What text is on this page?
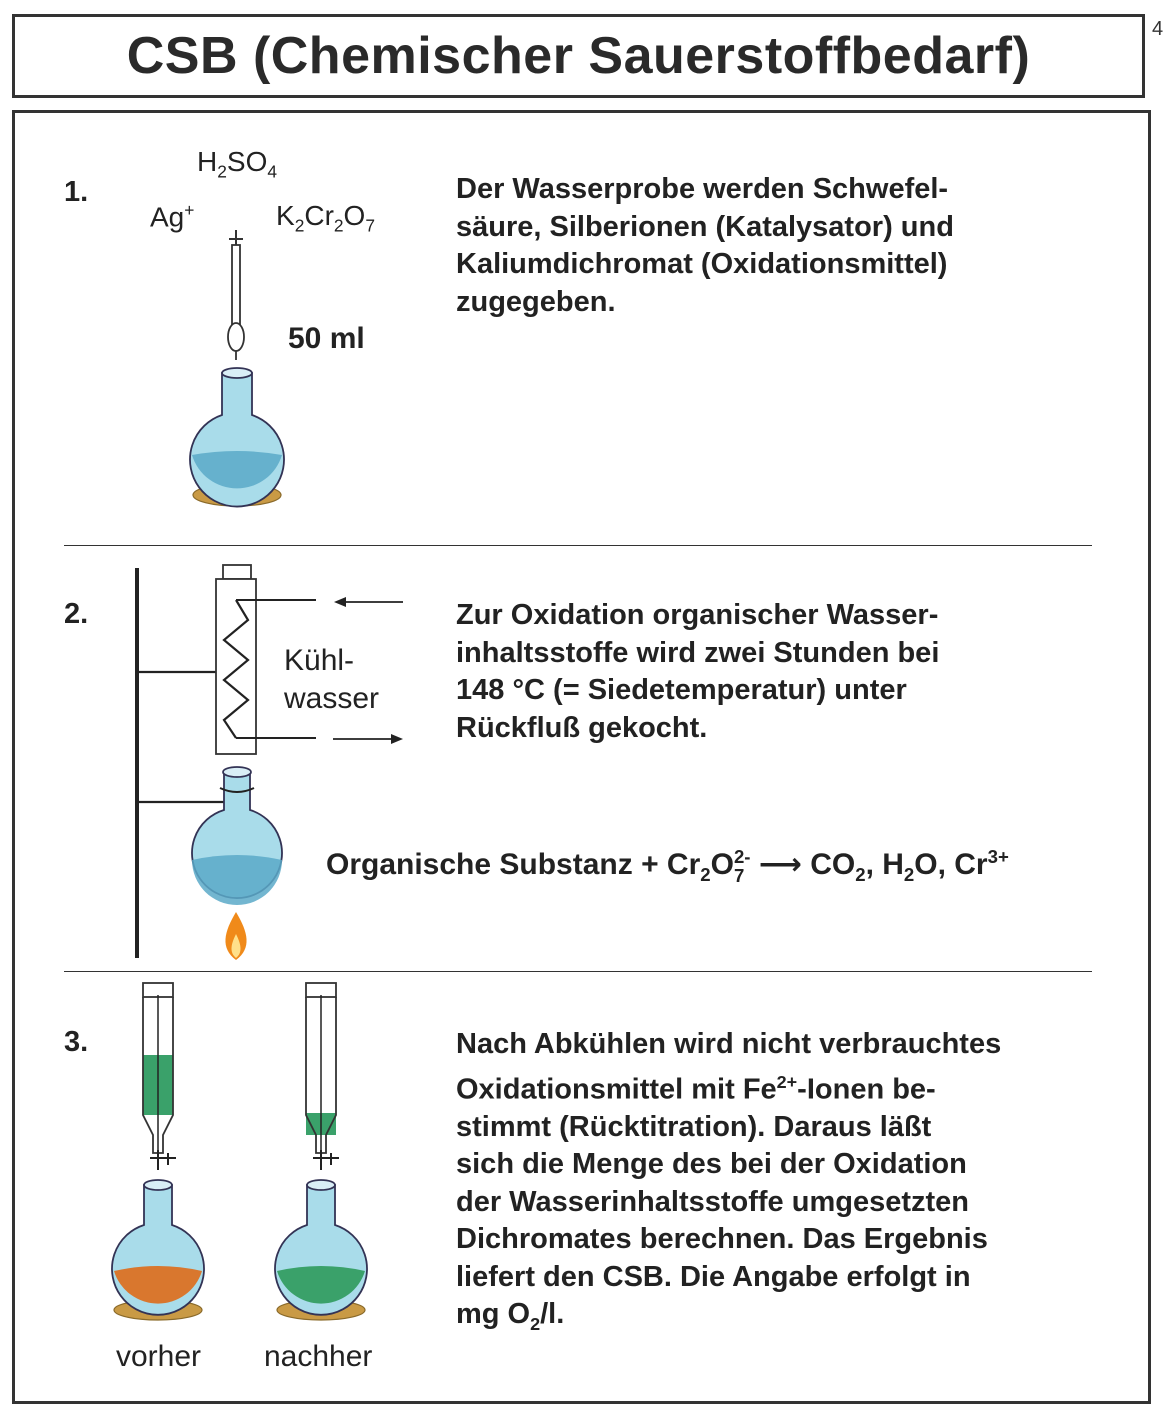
CSB (Chemischer Sauerstoffbedarf)	4
1.
$H_2SO_4$
Ag+	$K_2Cr_2O_7$
50 ml
Der Wasserprobe werden Schwefel-
säure, Silberionen (Katalysator) und
Kaliumdichromat (Oxidationsmittel)
zugegeben.
2.
Kühl-
wasser
Zur Oxidation organischer Wasser-
inhaltsstoffe wird zwei Stunden bei
148 °C (= Siedetemperatur) unter
Rückfluß gekocht.
Organische Substanz + $Cr_2O$ 2-
7 ⟶ $CO_2$, $H_2O$, $Cr^{3+}$
3.
vorher nachher
Nach Abkühlen wird nicht verbrauchtes
Oxidationsmittel mit $Fe^{2+}$-Ionen be-
stimmt (Rücktitration). Daraus läßt
sich die Menge des bei der Oxidation
der Wasserinhaltsstoffe umgesetzten
Dichromates berechnen. Das Ergebnis
liefert den CSB. Die Angabe erfolgt in
mg $O_2/l$.
